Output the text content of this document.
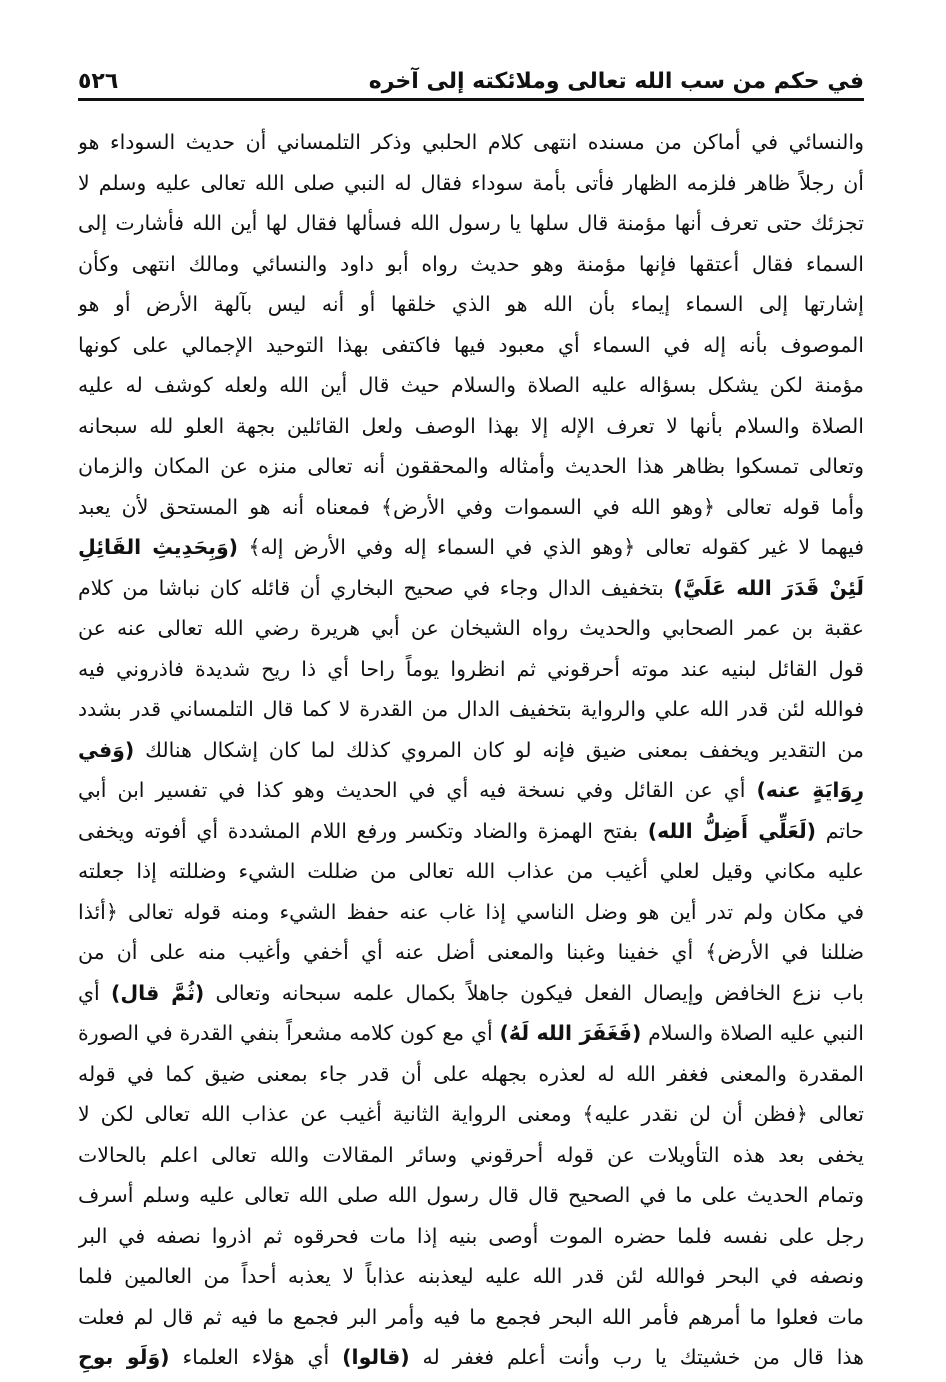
في حكم من سب الله تعالى وملائكته إلى آخره
٥٢٦
والنسائي في أماكن من مسنده انتهى كلام الحلبي وذكر التلمساني أن حديث السوداء هو
أن رجلاً ظاهر فلزمه الظهار فأتى بأمة سوداء فقال له النبي صلى الله تعالى عليه وسلم لا
تجزئك حتى تعرف أنها مؤمنة قال سلها يا رسول الله فسألها فقال لها أين الله فأشارت إلى
السماء فقال أعتقها فإنها مؤمنة وهو حديث رواه أبو داود والنسائي ومالك انتهى وكأن
إشارتها إلى السماء إيماء بأن الله هو الذي خلقها أو أنه ليس بآلهة الأرض أو هو
الموصوف بأنه إله في السماء أي معبود فيها فاكتفى بهذا التوحيد الإجمالي على كونها
مؤمنة لكن يشكل بسؤاله عليه الصلاة والسلام حيث قال أين الله ولعله كوشف له عليه
الصلاة والسلام بأنها لا تعرف الإله إلا بهذا الوصف ولعل القائلين بجهة العلو لله سبحانه
وتعالى تمسكوا بظاهر هذا الحديث وأمثاله والمحققون أنه تعالى منزه عن المكان والزمان
وأما قوله تعالى ﴿وهو الله في السموات وفي الأرض﴾ فمعناه أنه هو المستحق لأن يعبد
فيهما لا غير كقوله تعالى ﴿وهو الذي في السماء إله وفي الأرض إله﴾ (وَبِحَدِيثِ القَائِلِ
لَئِنْ قَدَرَ الله عَلَيَّ) بتخفيف الدال وجاء في صحيح البخاري أن قائله كان نباشا من كلام
عقبة بن عمر الصحابي والحديث رواه الشيخان عن أبي هريرة رضي الله تعالى عنه عن
قول القائل لبنيه عند موته أحرقوني ثم انظروا يوماً راحا أي ذا ريح شديدة فاذروني فيه
فوالله لئن قدر الله علي والرواية بتخفيف الدال من القدرة لا كما قال التلمساني قدر بشدد
من التقدير ويخفف بمعنى ضيق فإنه لو كان المروي كذلك لما كان إشكال هنالك (وَفي
رِوَايَةٍ عنه) أي عن القائل وفي نسخة فيه أي في الحديث وهو كذا في تفسير ابن أبي
حاتم (لَعَلِّي أَضِلُّ الله) بفتح الهمزة والضاد وتكسر ورفع اللام المشددة أي أفوته ويخفى
عليه مكاني وقيل لعلي أغيب من عذاب الله تعالى من ضللت الشيء وضللته إذا جعلته
في مكان ولم تدر أين هو وضل الناسي إذا غاب عنه حفظ الشيء ومنه قوله تعالى ﴿أئذا
ضللنا في الأرض﴾ أي خفينا وغبنا والمعنى أضل عنه أي أخفي وأغيب منه على أن من
باب نزع الخافض وإيصال الفعل فيكون جاهلاً بكمال علمه سبحانه وتعالى (ثُمَّ قال) أي
النبي عليه الصلاة والسلام (فَغَفَرَ الله لَهُ) أي مع كون كلامه مشعراً بنفي القدرة في الصورة
المقدرة والمعنى فغفر الله له لعذره بجهله على أن قدر جاء بمعنى ضيق كما في قوله
تعالى ﴿فظن أن لن نقدر عليه﴾ ومعنى الرواية الثانية أغيب عن عذاب الله تعالى لكن لا
يخفى بعد هذه التأويلات عن قوله أحرقوني وسائر المقالات والله تعالى اعلم بالحالات
وتمام الحديث على ما في الصحيح قال قال رسول الله صلى الله تعالى عليه وسلم أسرف
رجل على نفسه فلما حضره الموت أوصى بنيه إذا مات فحرقوه ثم اذروا نصفه في البر
ونصفه في البحر فوالله لئن قدر الله عليه ليعذبنه عذاباً لا يعذبه أحداً من العالمين فلما
مات فعلوا ما أمرهم فأمر الله البحر فجمع ما فيه وأمر البر فجمع ما فيه ثم قال لم فعلت
هذا قال من خشيتك يا رب وأنت أعلم فغفر له (قالوا) أي هؤلاء العلماء (وَلَو بوحِ
